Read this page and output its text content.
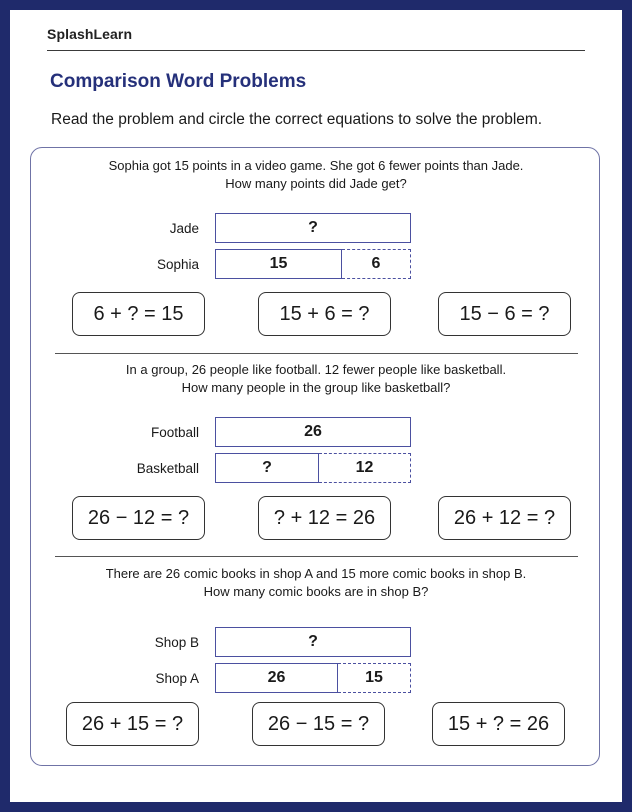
SplashLearn
Comparison Word Problems
Read the problem and circle the correct equations to solve the problem.
Sophia got 15 points in a video game. She got 6 fewer points than Jade.
How many points did Jade get?
Jade	?
Sophia	15	6
6 + ? = 15	15 + 6 = ?	15 − 6 = ?
In a group, 26 people like football. 12 fewer people like basketball.
How many people in the group like basketball?
Football	26
Basketball	?	12
26 − 12 = ?	? + 12 = 26	26 + 12 = ?
There are 26 comic books in shop A and 15 more comic books in shop B.
How many comic books are in shop B?
Shop B	?
Shop A	26	15
26 + 15 = ?	26 − 15 = ?	15 + ? = 26
